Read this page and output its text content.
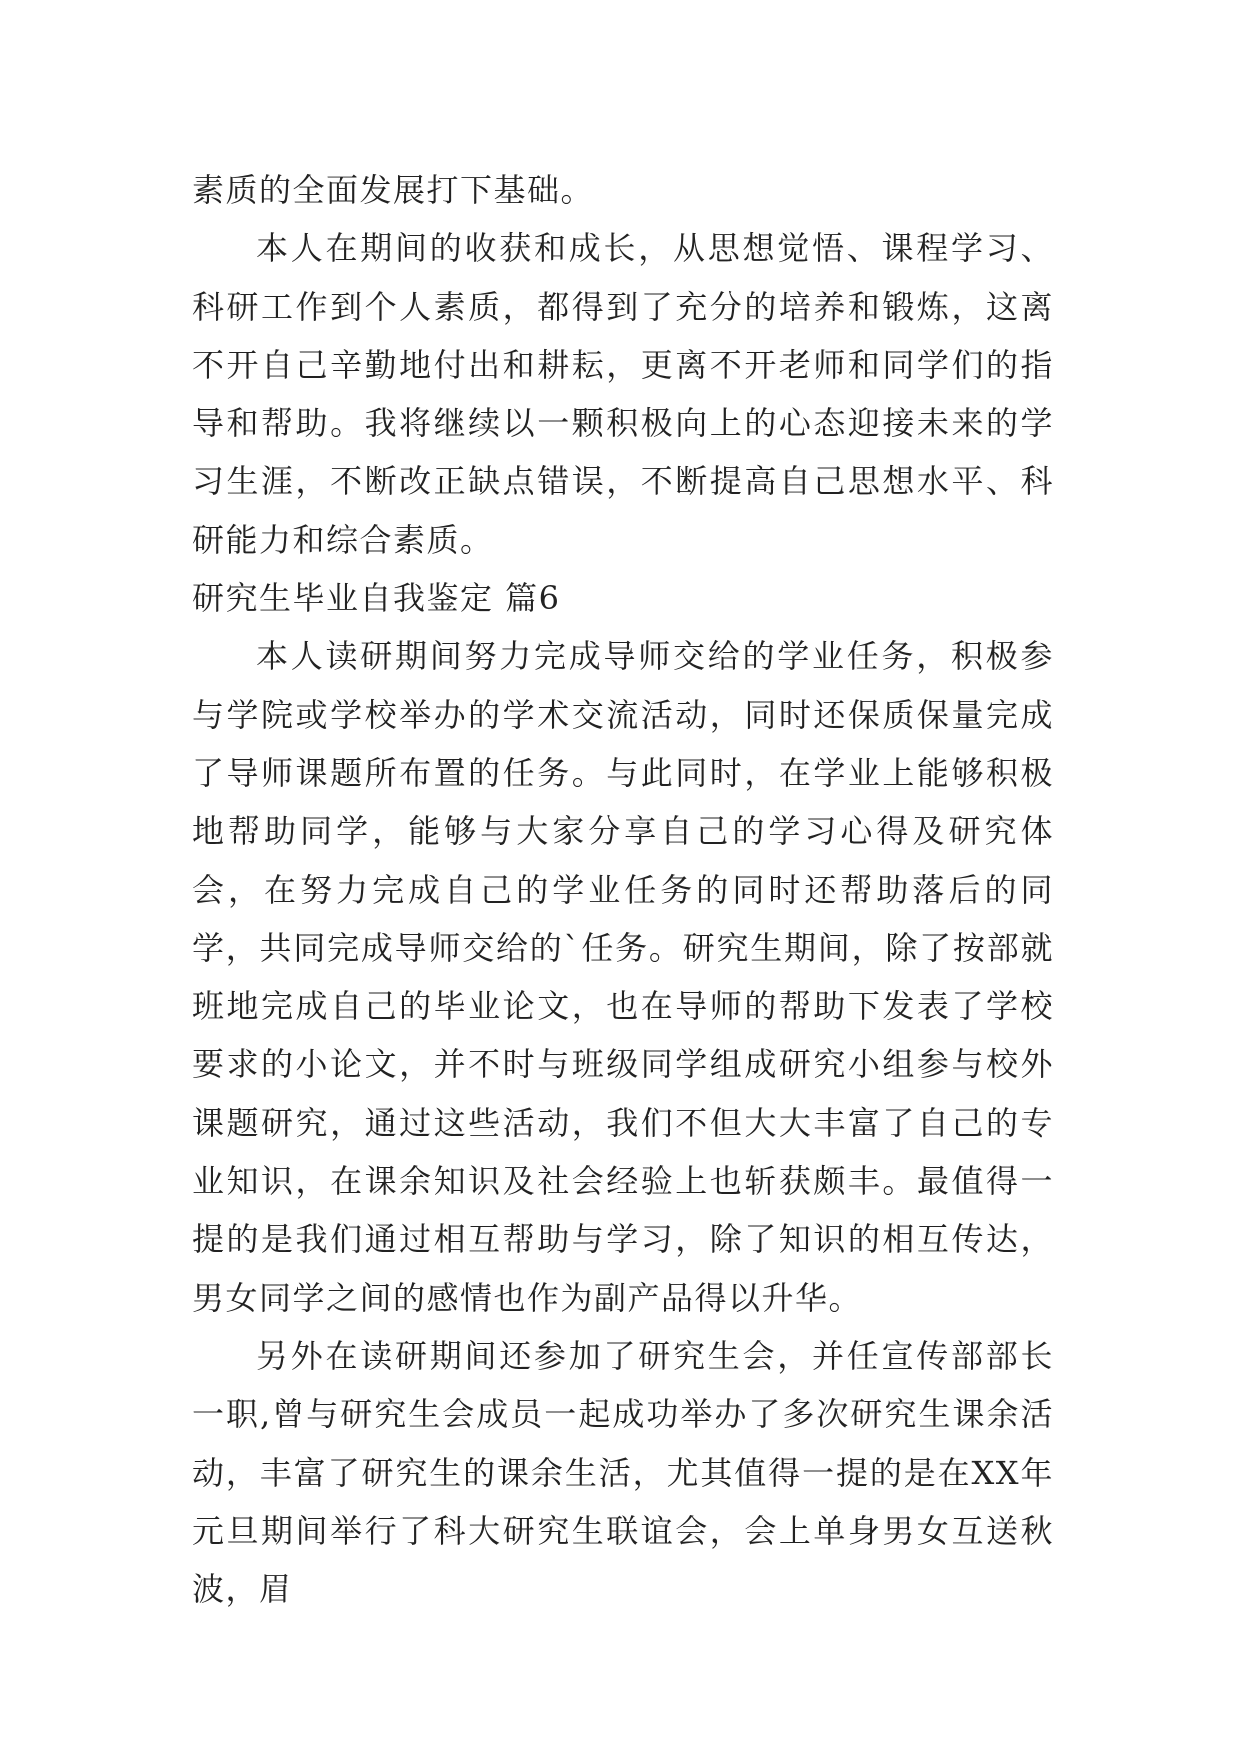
素质的全面发展打下基础。

本人在期间的收获和成长，从思想觉悟、课程学习、科研工作到个人素质，都得到了充分的培养和锻炼，这离不开自己辛勤地付出和耕耘，更离不开老师和同学们的指导和帮助。我将继续以一颗积极向上的心态迎接未来的学习生涯，不断改正缺点错误，不断提高自己思想水平、科研能力和综合素质。

研究生毕业自我鉴定 篇6

本人读研期间努力完成导师交给的学业任务，积极参与学院或学校举办的学术交流活动，同时还保质保量完成了导师课题所布置的任务。与此同时，在学业上能够积极地帮助同学，能够与大家分享自己的学习心得及研究体会，在努力完成自己的学业任务的同时还帮助落后的同学，共同完成导师交给的`任务。研究生期间，除了按部就班地完成自己的毕业论文，也在导师的帮助下发表了学校要求的小论文，并不时与班级同学组成研究小组参与校外课题研究，通过这些活动，我们不但大大丰富了自己的专业知识，在课余知识及社会经验上也斩获颇丰。最值得一提的是我们通过相互帮助与学习，除了知识的相互传达，男女同学之间的感情也作为副产品得以升华。

另外在读研期间还参加了研究生会，并任宣传部部长一职,曾与研究生会成员一起成功举办了多次研究生课余活动，丰富了研究生的课余生活，尤其值得一提的是在XX年元旦期间举行了科大研究生联谊会，会上单身男女互送秋波，眉
